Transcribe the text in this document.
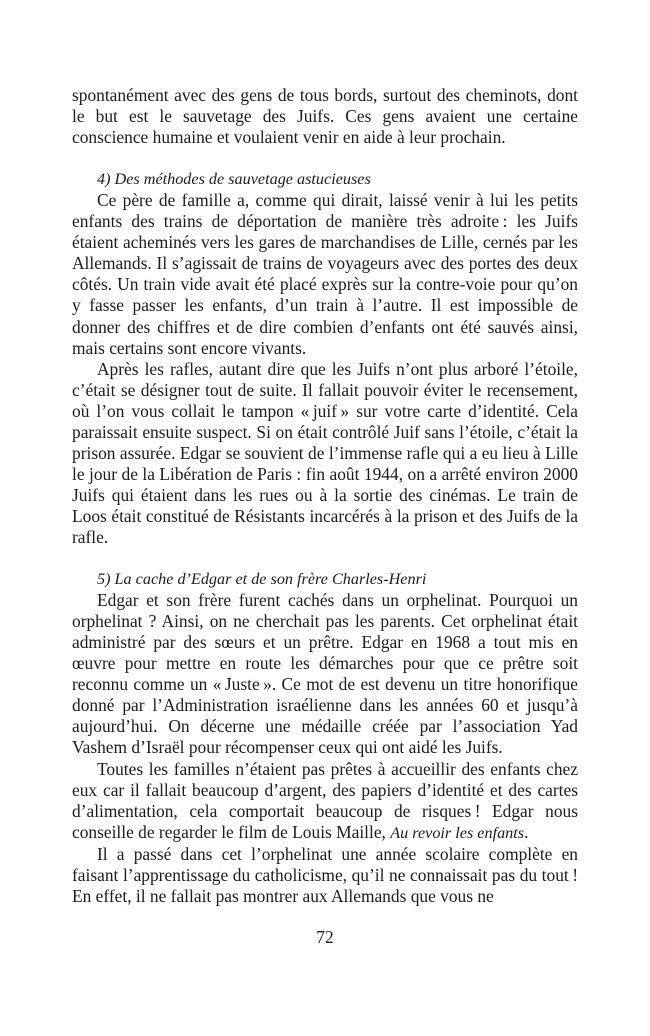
spontanément avec des gens de tous bords, surtout des cheminots, dont le but est le sauvetage des Juifs. Ces gens avaient une certaine conscience humaine et voulaient venir en aide à leur prochain.

4) Des méthodes de sauvetage astucieuses

Ce père de famille a, comme qui dirait, laissé venir à lui les petits enfants des trains de déportation de manière très adroite : les Juifs étaient acheminés vers les gares de marchandises de Lille, cernés par les Allemands. Il s’agissait de trains de voyageurs avec des portes des deux côtés. Un train vide avait été placé exprès sur la contre-voie pour qu’on y fasse passer les enfants, d’un train à l’autre. Il est impossible de donner des chiffres et de dire combien d’enfants ont été sauvés ainsi, mais certains sont encore vivants.

Après les rafles, autant dire que les Juifs n’ont plus arboré l’étoile, c’était se désigner tout de suite. Il fallait pouvoir éviter le recensement, où l’on vous collait le tampon « juif » sur votre carte d’identité. Cela paraissait ensuite suspect. Si on était contrôlé Juif sans l’étoile, c’était la prison assurée. Edgar se souvient de l’immense rafle qui a eu lieu à Lille le jour de la Libération de Paris : fin août 1944, on a arrêté environ 2000 Juifs qui étaient dans les rues ou à la sortie des cinémas. Le train de Loos était constitué de Résistants incarcérés à la prison et des Juifs de la rafle.

5) La cache d’Edgar et de son frère Charles-Henri

Edgar et son frère furent cachés dans un orphelinat. Pourquoi un orphelinat ? Ainsi, on ne cherchait pas les parents. Cet orphelinat était administré par des sœurs et un prêtre. Edgar en 1968 a tout mis en œuvre pour mettre en route les démarches pour que ce prêtre soit reconnu comme un « Juste ». Ce mot de est devenu un titre honorifique donné par l’Administration israélienne dans les années 60 et jusqu’à aujourd’hui. On décerne une médaille créée par l’association Yad Vashem d’Israël pour récompenser ceux qui ont aidé les Juifs.

Toutes les familles n’étaient pas prêtes à accueillir des enfants chez eux car il fallait beaucoup d’argent, des papiers d’identité et des cartes d’alimentation, cela comportait beaucoup de risques ! Edgar nous conseille de regarder le film de Louis Maille, Au revoir les enfants.

Il a passé dans cet l’orphelinat une année scolaire complète en faisant l’apprentissage du catholicisme, qu’il ne connaissait pas du tout ! En effet, il ne fallait pas montrer aux Allemands que vous ne

72
